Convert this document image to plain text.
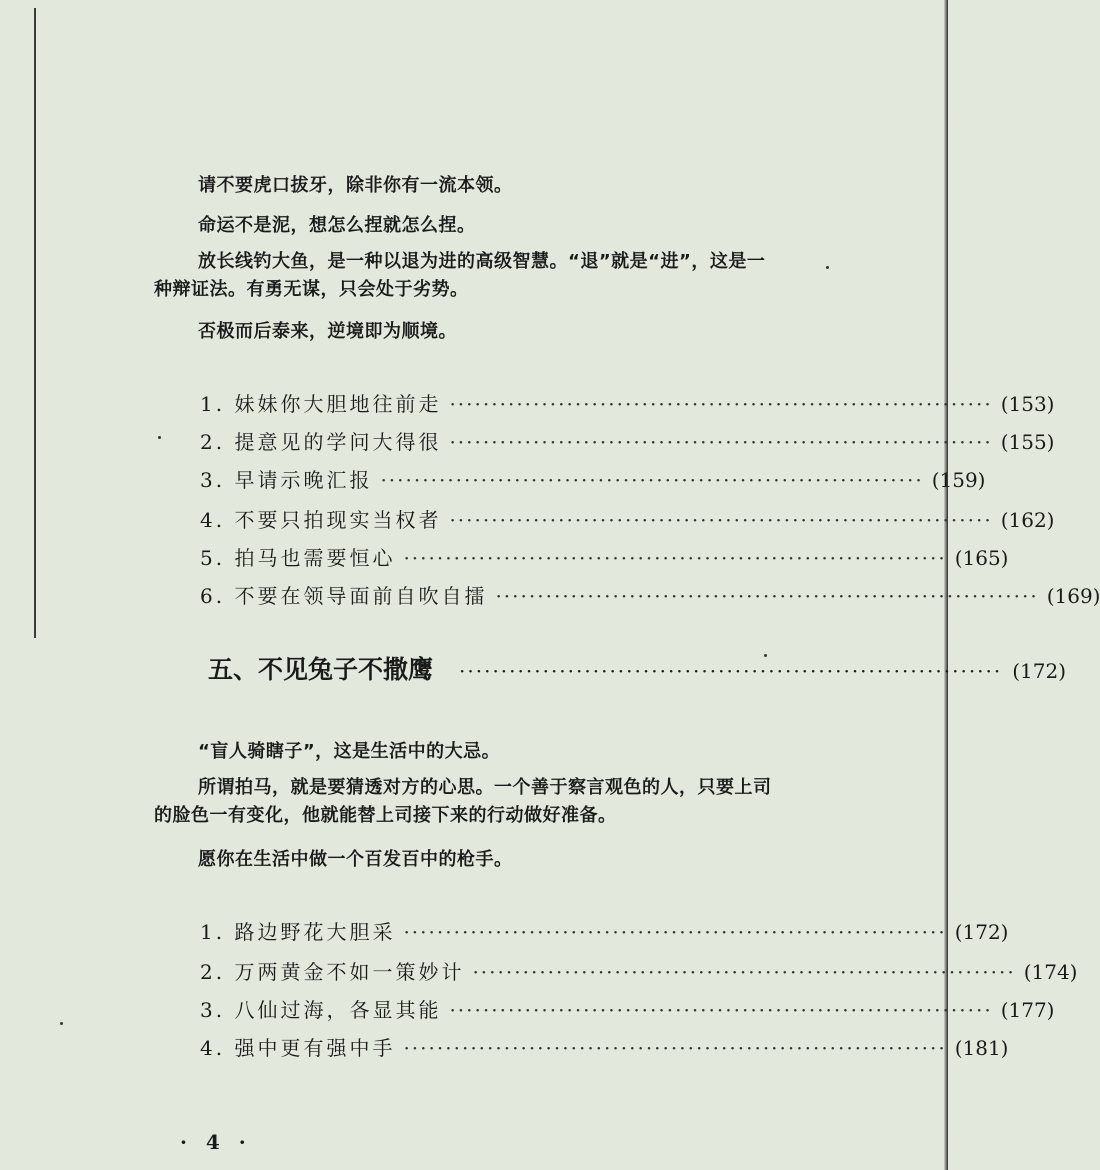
请不要虎口拔牙，除非你有一流本领。
命运不是泥，想怎么捏就怎么捏。
放长线钓大鱼，是一种以退为进的高级智慧。“退”就是“进”，这是一种辩证法。有勇无谋，只会处于劣势。
否极而后泰来，逆境即为顺境。
1. 妹妹你大胆地往前走 ································································· (153)
2. 提意见的学问大得很 ································································· (155)
3. 早请示晚汇报 ································································· (159)
4. 不要只拍现实当权者 ································································· (162)
5. 拍马也需要恒心 ································································· (165)
6. 不要在领导面前自吹自擂 ································································· (169)
五、不见兔子不撒鹰 ································································· (172)
“盲人骑瞎子”，这是生活中的大忌。
所谓拍马，就是要猜透对方的心思。一个善于察言观色的人，只要上司的脸色一有变化，他就能替上司接下来的行动做好准备。
愿你在生活中做一个百发百中的枪手。
1. 路边野花大胆采 ································································· (172)
2. 万两黄金不如一策妙计 ································································· (174)
3. 八仙过海，各显其能 ································································· (177)
4. 强中更有强中手 ································································· (181)
· 4 ·
